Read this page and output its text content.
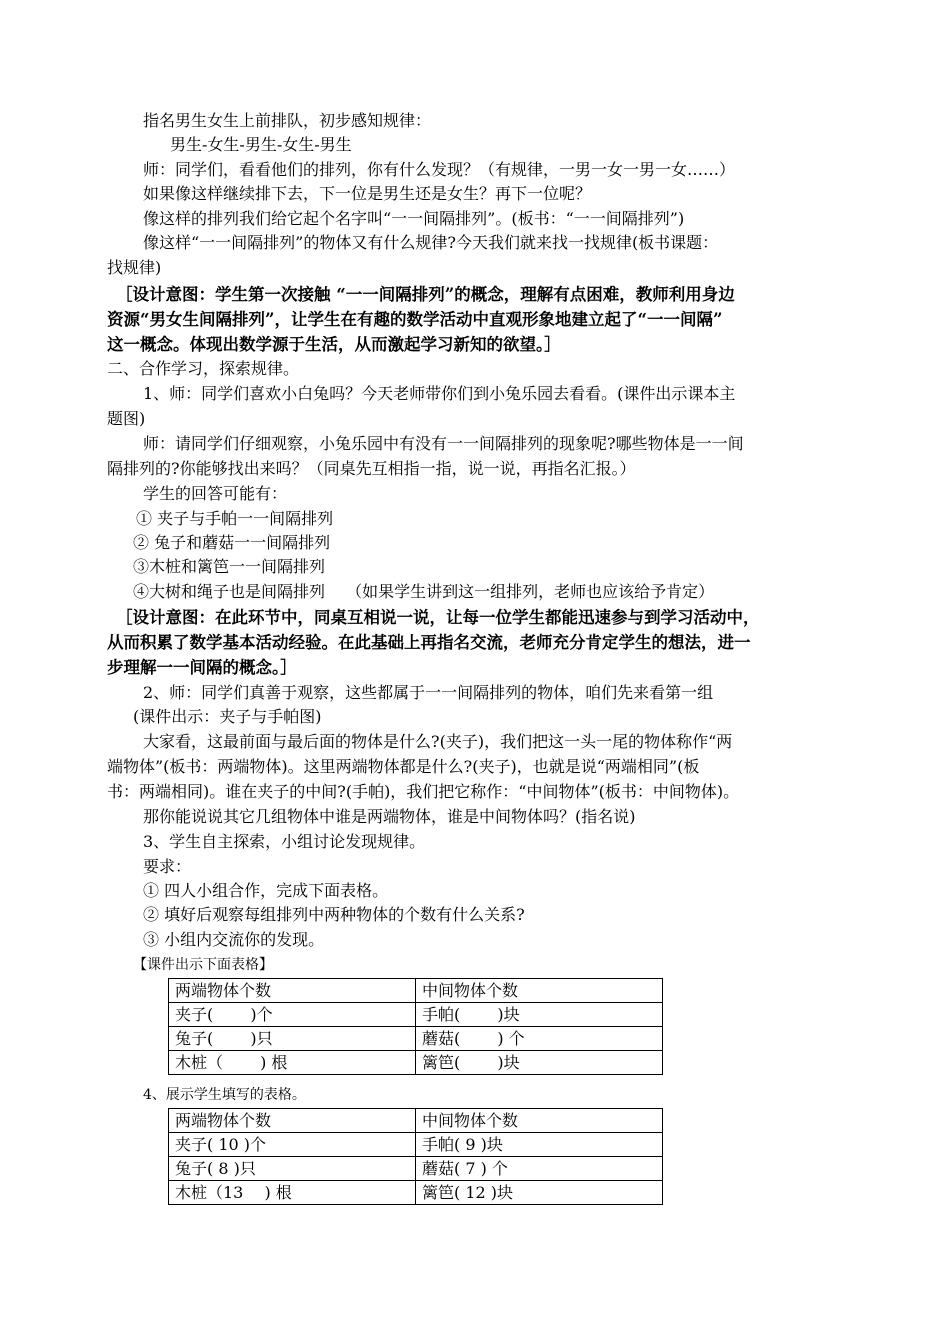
指名男生女生上前排队，初步感知规律：
男生-女生-男生-女生-男生
师：同学们，看看他们的排列，你有什么发现？（有规律，一男一女一男一女……）
如果像这样继续排下去，下一位是男生还是女生？再下一位呢？
像这样的排列我们给它起个名字叫“一一间隔排列”。(板书：“一一间隔排列”)
像这样“一一间隔排列”的物体又有什么规律?今天我们就来找一找规律(板书课题：
找规律)
［设计意图：学生第一次接触 “一一间隔排列”的概念，理解有点困难，教师利用身边
资源“男女生间隔排列”，让学生在有趣的数学活动中直观形象地建立起了“一一间隔”
这一概念。体现出数学源于生活，从而激起学习新知的欲望。］
二、合作学习，探索规律。
1、师：同学们喜欢小白兔吗？今天老师带你们到小兔乐园去看看。(课件出示课本主
题图)
师：请同学们仔细观察，小兔乐园中有没有一一间隔排列的现象呢?哪些物体是一一间
隔排列的?你能够找出来吗？（同桌先互相指一指，说一说，再指名汇报。）
学生的回答可能有：
① 夹子与手帕一一间隔排列
② 兔子和蘑菇一一间隔排列
③木桩和篱笆一一间隔排列
④大树和绳子也是间隔排列　 （如果学生讲到这一组排列，老师也应该给予肯定）
［设计意图：在此环节中，同桌互相说一说，让每一位学生都能迅速参与到学习活动中，
从而积累了数学基本活动经验。在此基础上再指名交流，老师充分肯定学生的想法，进一
步理解一一间隔的概念。］
2、师：同学们真善于观察，这些都属于一一间隔排列的物体，咱们先来看第一组
(课件出示：夹子与手帕图)
大家看，这最前面与最后面的物体是什么?(夹子)，我们把这一头一尾的物体称作“两
端物体”(板书：两端物体)。这里两端物体都是什么?(夹子)，也就是说“两端相同”(板
书：两端相同)。谁在夹子的中间?(手帕)，我们把它称作：“中间物体”(板书：中间物体)。
那你能说说其它几组物体中谁是两端物体，谁是中间物体吗？(指名说)
3、学生自主探索，小组讨论发现规律。
要求：
① 四人小组合作，完成下面表格。
② 填好后观察每组排列中两种物体的个数有什么关系?
③ 小组内交流你的发现。
【课件出示下面表格】
两端物体个数	中间物体个数
夹子(　 　)个	手帕(　 　)块
兔子(　 　)只	蘑菇(　 　) 个
木桩（　 　) 根	篱笆(　 　)块
4、展示学生填写的表格。
两端物体个数	中间物体个数
夹子( 10 )个	手帕( 9 )块
兔子( 8 )只	蘑菇( 7 ) 个
木桩（13　 ) 根	篱笆( 12 )块
